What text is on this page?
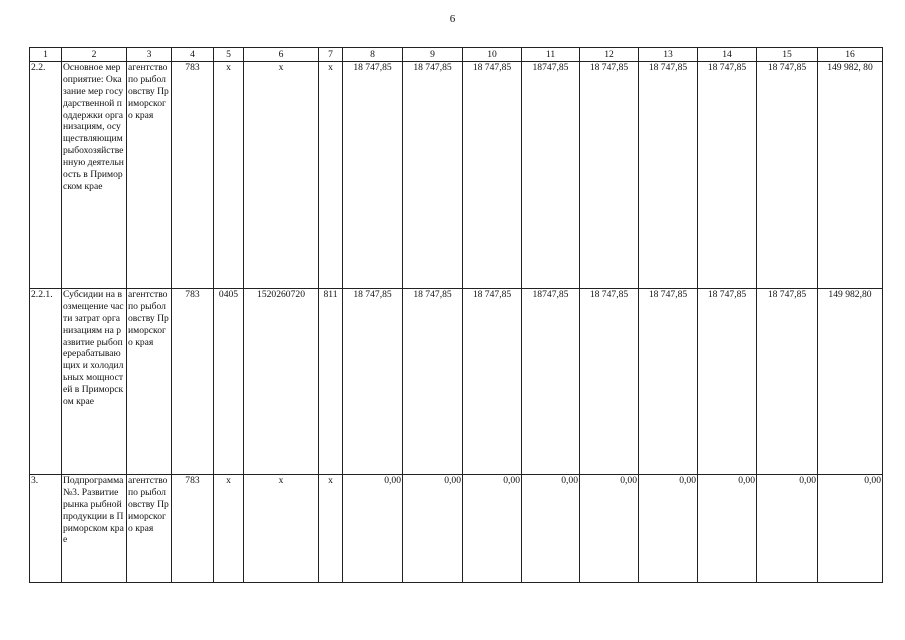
6
1	2	3	4	5	6	7	8	9	10	11	12	13	14	15	16
2.2.	Основное мероприятие: Оказание мер государственной поддержки организациям, осуществляющим рыбохозяйственную деятельность в Приморском крае	агентство по рыболовству Приморского края	783	x	x	x	18 747,85	18 747,85	18 747,85	18747,85	18 747,85	18 747,85	18 747,85	18 747,85	149 982, 80
2.2.1.	Субсидии на возмещение части затрат организациям на развитие рыбоперерабатывающих и холодильных мощностей в Приморском крае	агентство по рыболовству Приморского края	783	0405	1520260720	811	18 747,85	18 747,85	18 747,85	18747,85	18 747,85	18 747,85	18 747,85	18 747,85	149 982,80
3.	Подпрограмма №3. Развитие рынка рыбной продукции в Приморском крае	агентство по рыболовству Приморского края	783	x	x	x	0,00	0,00	0,00	0,00	0,00	0,00	0,00	0,00	0,00
